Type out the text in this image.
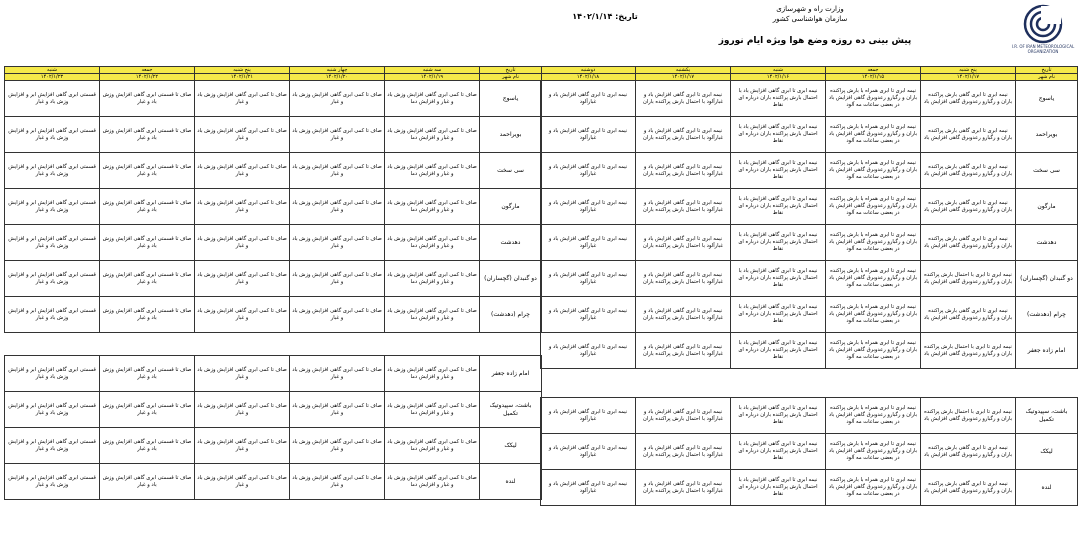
وزارت راه و شهرسازی
سازمان هواشناسی کشور
تاریخ: ۱۴۰۲/۱/۱۴
پیش بینی ده روزه وضع هوا ویژه ایام نوروز
I.R. OF IRAN METEOROLOGICAL ORGANIZATION
تاریخ	پنج شنبه	جمعه	شنبه	یکشنبه	دوشنبه
نام شهر	۱۴۰۲/۱/۱۷	۱۴۰۲/۱/۱۵	۱۴۰۲/۱/۱۶	۱۴۰۲/۱/۱۷	۱۴۰۲/۱/۱۸
یاسوج	نیمه ابری تا ابری گاهی بارش پراکنده باران و رگبارو رعدوبرق گاهی افزایش باد	نیمه ابری تا ابری همراه با بارش پراکنده باران و رگبارو رعدوبرق گاهی افزایش باد در بعضی ساعات مه آلود	نیمه ابری تا ابری گاهی افزایش باد با احتمال بارش پراکنده باران درباره ای نقاط	نیمه ابری تا ابری گاهی افزایش باد و غبارآلود با احتمال بارش پراکنده باران	نیمه ابری تا ابری گاهی افزایش باد و غبارآلود
بویراحمد	نیمه ابری تا ابری گاهی بارش پراکنده باران و رگبارو رعدوبرق گاهی افزایش باد	نیمه ابری تا ابری همراه با بارش پراکنده باران و رگبارو رعدوبرق گاهی افزایش باد در بعضی ساعات مه آلود	نیمه ابری تا ابری گاهی افزایش باد با احتمال بارش پراکنده باران درباره ای نقاط	نیمه ابری تا ابری گاهی افزایش باد و غبارآلود با احتمال بارش پراکنده باران	نیمه ابری تا ابری گاهی افزایش باد و غبارآلود
سی سخت	نیمه ابری تا ابری گاهی بارش پراکنده باران و رگبارو رعدوبرق گاهی افزایش باد	نیمه ابری تا ابری همراه با بارش پراکنده باران و رگبارو رعدوبرق گاهی افزایش باد در بعضی ساعات مه آلود	نیمه ابری تا ابری گاهی افزایش باد با احتمال بارش پراکنده باران درباره ای نقاط	نیمه ابری تا ابری گاهی افزایش باد و غبارآلود با احتمال بارش پراکنده باران	نیمه ابری تا ابری گاهی افزایش باد و غبارآلود
مارگون	نیمه ابری تا ابری گاهی بارش پراکنده باران و رگبارو رعدوبرق گاهی افزایش باد	نیمه ابری تا ابری همراه با بارش پراکنده باران و رگبارو رعدوبرق گاهی افزایش باد در بعضی ساعات مه آلود	نیمه ابری تا ابری گاهی افزایش باد با احتمال بارش پراکنده باران درباره ای نقاط	نیمه ابری تا ابری گاهی افزایش باد و غبارآلود با احتمال بارش پراکنده باران	نیمه ابری تا ابری گاهی افزایش باد و غبارآلود
دهدشت	نیمه ابری تا ابری گاهی بارش پراکنده باران و رگبارو رعدوبرق گاهی افزایش باد	نیمه ابری تا ابری همراه با بارش پراکنده باران و رگبارو رعدوبرق گاهی افزایش باد در بعضی ساعات مه آلود	نیمه ابری تا ابری گاهی افزایش باد با احتمال بارش پراکنده باران درباره ای نقاط	نیمه ابری تا ابری گاهی افزایش باد و غبارآلود با احتمال بارش پراکنده باران	نیمه ابری تا ابری گاهی افزایش باد و غبارآلود
دو گنبدان (گچساران)	نیمه ابری تا ابری با احتمال بارش پراکنده باران و رگبارو رعدوبرق گاهی افزایش باد	نیمه ابری تا ابری همراه با بارش پراکنده باران و رگبارو رعدوبرق گاهی افزایش باد در بعضی ساعات مه آلود	نیمه ابری تا ابری گاهی افزایش باد با احتمال بارش پراکنده باران درباره ای نقاط	نیمه ابری تا ابری گاهی افزایش باد و غبارآلود با احتمال بارش پراکنده باران	نیمه ابری تا ابری گاهی افزایش باد و غبارآلود
چرام (دهدشت)	نیمه ابری تا ابری گاهی بارش پراکنده باران و رگبارو رعدوبرق گاهی افزایش باد	نیمه ابری تا ابری همراه با بارش پراکنده باران و رگبارو رعدوبرق گاهی افزایش باد در بعضی ساعات مه آلود	نیمه ابری تا ابری گاهی افزایش باد با احتمال بارش پراکنده باران درباره ای نقاط	نیمه ابری تا ابری گاهی افزایش باد و غبارآلود با احتمال بارش پراکنده باران	نیمه ابری تا ابری گاهی افزایش باد و غبارآلود
امام زاده جعفر	نیمه ابری تا ابری با احتمال بارش پراکنده باران و رگبارو رعدوبرق گاهی افزایش باد	نیمه ابری تا ابری همراه با بارش پراکنده باران و رگبارو رعدوبرق گاهی افزایش باد در بعضی ساعات مه آلود	نیمه ابری تا ابری گاهی افزایش باد با احتمال بارش پراکنده باران درباره ای نقاط	نیمه ابری تا ابری گاهی افزایش باد و غبارآلود با احتمال بارش پراکنده باران	نیمه ابری تا ابری گاهی افزایش باد و غبارآلود
باشت، سپیدوتیک تکمیل	نیمه ابری تا ابری با احتمال بارش پراکنده باران و رگبارو رعدوبرق گاهی افزایش باد	نیمه ابری تا ابری همراه با بارش پراکنده باران و رگبارو رعدوبرق گاهی افزایش باد در بعضی ساعات مه آلود	نیمه ابری تا ابری گاهی افزایش باد با احتمال بارش پراکنده باران درباره ای نقاط	نیمه ابری تا ابری گاهی افزایش باد و غبارآلود با احتمال بارش پراکنده باران	نیمه ابری تا ابری گاهی افزایش باد و غبارآلود
لیکک	نیمه ابری تا ابری گاهی بارش پراکنده باران و رگبارو رعدوبرق گاهی افزایش باد	نیمه ابری تا ابری همراه با بارش پراکنده باران و رگبارو رعدوبرق گاهی افزایش باد در بعضی ساعات مه آلود	نیمه ابری تا ابری گاهی افزایش باد با احتمال بارش پراکنده باران درباره ای نقاط	نیمه ابری تا ابری گاهی افزایش باد و غبارآلود با احتمال بارش پراکنده باران	نیمه ابری تا ابری گاهی افزایش باد و غبارآلود
لنده	نیمه ابری تا ابری گاهی بارش پراکنده باران و رگبارو رعدوبرق گاهی افزایش باد	نیمه ابری تا ابری همراه با بارش پراکنده باران و رگبارو رعدوبرق گاهی افزایش باد در بعضی ساعات مه آلود	نیمه ابری تا ابری گاهی افزایش باد با احتمال بارش پراکنده باران درباره ای نقاط	نیمه ابری تا ابری گاهی افزایش باد و غبارآلود با احتمال بارش پراکنده باران	نیمه ابری تا ابری گاهی افزایش باد و غبارآلود
تاریخ	سه شنبه	چهار شنبه	پنج شنبه	جمعه	شنبه
نام شهر	۱۴۰۲/۱/۱۹	۱۴۰۲/۱/۲۰	۱۴۰۲/۱/۲۱	۱۴۰۲/۱/۲۲	۱۴۰۲/۱/۲۳
یاسوج	صاف تا کمی ابری گاهی افزایش وزش باد و غبار و افزایش دما	صاف تا کمی ابری گاهی افزایش وزش باد و غبار	صاف تا کمی ابری گاهی افزایش وزش باد و غبار	صاف تا قسمتی ابری گاهی افزایش وزش باد و غبار	قسمتی ابری گاهی افزایش ابر و افزایش وزش باد و غبار
بویراحمد	صاف تا کمی ابری گاهی افزایش وزش باد و غبار و افزایش دما	صاف تا کمی ابری گاهی افزایش وزش باد و غبار	صاف تا کمی ابری گاهی افزایش وزش باد و غبار	صاف تا قسمتی ابری گاهی افزایش وزش باد و غبار	قسمتی ابری گاهی افزایش ابر و افزایش وزش باد و غبار
سی سخت	صاف تا کمی ابری گاهی افزایش وزش باد و غبار و افزایش دما	صاف تا کمی ابری گاهی افزایش وزش باد و غبار	صاف تا کمی ابری گاهی افزایش وزش باد و غبار	صاف تا قسمتی ابری گاهی افزایش وزش باد و غبار	قسمتی ابری گاهی افزایش ابر و افزایش وزش باد و غبار
مارگون	صاف تا کمی ابری گاهی افزایش وزش باد و غبار و افزایش دما	صاف تا کمی ابری گاهی افزایش وزش باد و غبار	صاف تا کمی ابری گاهی افزایش وزش باد و غبار	صاف تا قسمتی ابری گاهی افزایش وزش باد و غبار	قسمتی ابری گاهی افزایش ابر و افزایش وزش باد و غبار
دهدشت	صاف تا کمی ابری گاهی افزایش وزش باد و غبار و افزایش دما	صاف تا کمی ابری گاهی افزایش وزش باد و غبار	صاف تا کمی ابری گاهی افزایش وزش باد و غبار	صاف تا قسمتی ابری گاهی افزایش وزش باد و غبار	قسمتی ابری گاهی افزایش ابر و افزایش وزش باد و غبار
دو گنبدان (گچساران)	صاف تا کمی ابری گاهی افزایش وزش باد و غبار و افزایش دما	صاف تا کمی ابری گاهی افزایش وزش باد و غبار	صاف تا کمی ابری گاهی افزایش وزش باد و غبار	صاف تا قسمتی ابری گاهی افزایش وزش باد و غبار	قسمتی ابری گاهی افزایش ابر و افزایش وزش باد و غبار
چرام (دهدشت)	صاف تا کمی ابری گاهی افزایش وزش باد و غبار و افزایش دما	صاف تا کمی ابری گاهی افزایش وزش باد و غبار	صاف تا کمی ابری گاهی افزایش وزش باد و غبار	صاف تا قسمتی ابری گاهی افزایش وزش باد و غبار	قسمتی ابری گاهی افزایش ابر و افزایش وزش باد و غبار
امام زاده جعفر	صاف تا کمی ابری گاهی افزایش وزش باد و غبار و افزایش دما	صاف تا کمی ابری گاهی افزایش وزش باد و غبار	صاف تا کمی ابری گاهی افزایش وزش باد و غبار	صاف تا قسمتی ابری گاهی افزایش وزش باد و غبار	قسمتی ابری گاهی افزایش ابر و افزایش وزش باد و غبار
باشت، سپیدوتیک تکمیل	صاف تا کمی ابری گاهی افزایش وزش باد و غبار و افزایش دما	صاف تا کمی ابری گاهی افزایش وزش باد و غبار	صاف تا کمی ابری گاهی افزایش وزش باد و غبار	صاف تا قسمتی ابری گاهی افزایش وزش باد و غبار	قسمتی ابری گاهی افزایش ابر و افزایش وزش باد و غبار
لیکک	صاف تا کمی ابری گاهی افزایش وزش باد و غبار و افزایش دما	صاف تا کمی ابری گاهی افزایش وزش باد و غبار	صاف تا کمی ابری گاهی افزایش وزش باد و غبار	صاف تا قسمتی ابری گاهی افزایش وزش باد و غبار	قسمتی ابری گاهی افزایش ابر و افزایش وزش باد و غبار
لنده	صاف تا کمی ابری گاهی افزایش وزش باد و غبار و افزایش دما	صاف تا کمی ابری گاهی افزایش وزش باد و غبار	صاف تا کمی ابری گاهی افزایش وزش باد و غبار	صاف تا قسمتی ابری گاهی افزایش وزش باد و غبار	قسمتی ابری گاهی افزایش ابر و افزایش وزش باد و غبار
